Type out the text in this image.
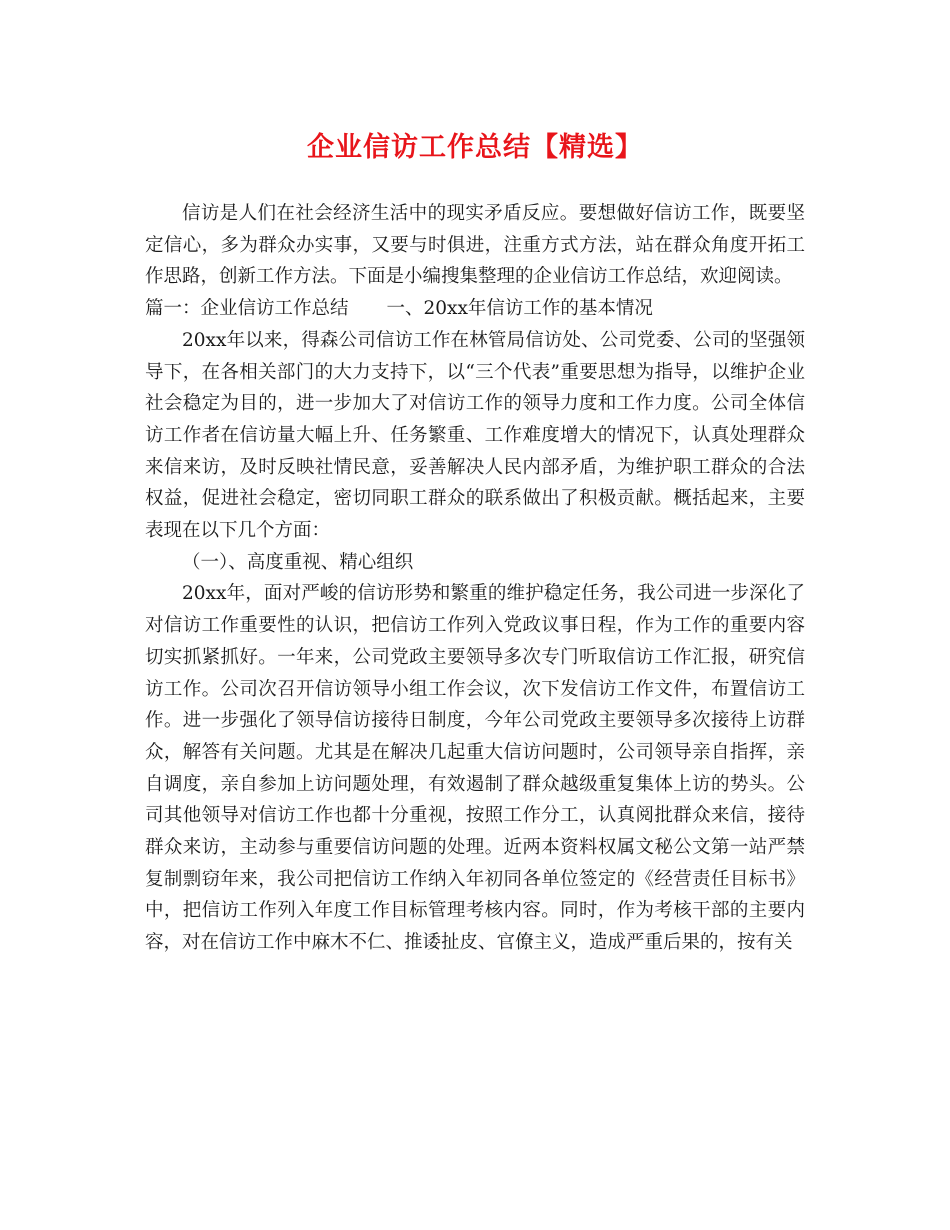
企业信访工作总结【精选】

信访是人们在社会经济生活中的现实矛盾反应。要想做好信访工作，既要坚定信心，多为群众办实事，又要与时俱进，注重方式方法，站在群众角度开拓工作思路，创新工作方法。下面是小编搜集整理的企业信访工作总结，欢迎阅读。

篇一：企业信访工作总结 一、20xx年信访工作的基本情况

20xx年以来，得森公司信访工作在林管局信访处、公司党委、公司的坚强领导下，在各相关部门的大力支持下，以“三个代表”重要思想为指导，以维护企业社会稳定为目的，进一步加大了对信访工作的领导力度和工作力度。公司全体信访工作者在信访量大幅上升、任务繁重、工作难度增大的情况下，认真处理群众来信来访，及时反映社情民意，妥善解决人民内部矛盾，为维护职工群众的合法权益，促进社会稳定，密切同职工群众的联系做出了积极贡献。概括起来，主要表现在以下几个方面：

（一）、高度重视、精心组织

20xx年，面对严峻的信访形势和繁重的维护稳定任务，我公司进一步深化了对信访工作重要性的认识，把信访工作列入党政议事日程，作为工作的重要内容切实抓紧抓好。一年来，公司党政主要领导多次专门听取信访工作汇报，研究信访工作。公司次召开信访领导小组工作会议，次下发信访工作文件，布置信访工作。进一步强化了领导信访接待日制度，今年公司党政主要领导多次接待上访群众，解答有关问题。尤其是在解决几起重大信访问题时，公司领导亲自指挥，亲自调度，亲自参加上访问题处理，有效遏制了群众越级重复集体上访的势头。公司其他领导对信访工作也都十分重视，按照工作分工，认真阅批群众来信，接待群众来访，主动参与重要信访问题的处理。近两本资料权属文秘公文第一站严禁复制剽窃年来，我公司把信访工作纳入年初同各单位签定的《经营责任目标书》中，把信访工作列入年度工作目标管理考核内容。同时，作为考核干部的主要内容，对在信访工作中麻木不仁、推诿扯皮、官僚主义，造成严重后果的，按有关
